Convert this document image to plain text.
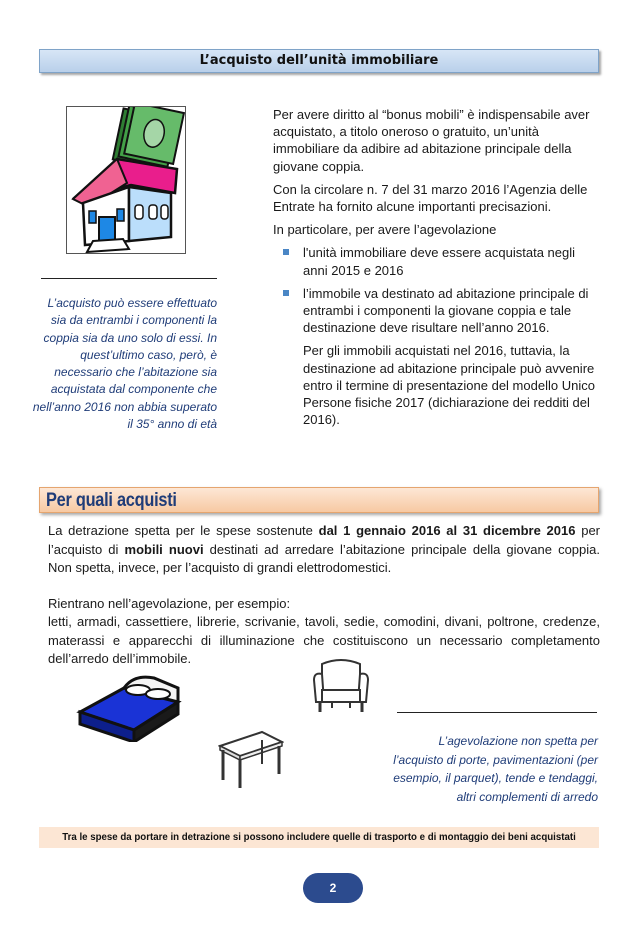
L’acquisto dell’unità immobiliare
L’acquisto può essere effettuato sia da entrambi i componenti la coppia sia da uno solo di essi. In quest’ultimo caso, però, è necessario che l’abitazione sia acquistata dal componente che nell’anno 2016 non abbia superato il 35° anno di età

Per avere diritto al “bonus mobili” è indispensabile aver acquistato, a titolo oneroso o gratuito, un’unità immobiliare da adibire ad abitazione principale della giovane coppia.

Con la circolare n. 7 del 31 marzo 2016 l’Agenzia delle Entrate ha fornito alcune importanti precisazioni.

In particolare, per avere l’agevolazione

l'unità immobiliare deve essere acquistata negli anni 2015 e 2016
l’immobile va destinato ad abitazione principale di entrambi i componenti la giovane coppia e tale destinazione deve risultare nell’anno 2016.

Per gli immobili acquistati nel 2016, tuttavia, la destinazione ad abitazione principale può avvenire entro il termine di presentazione del modello Unico Persone fisiche 2017 (dichiarazione dei redditi del 2016).

Per quali acquisti
La detrazione spetta per le spese sostenute dal 1 gennaio 2016 al 31 dicembre 2016 per l’acquisto di mobili nuovi destinati ad arredare l’abitazione principale della giovane coppia. Non spetta, invece, per l’acquisto di grandi elettrodomestici.
Rientrano nell’agevolazione, per esempio:
letti, armadi, cassettiere, librerie, scrivanie, tavoli, sedie, comodini, divani, poltrone, credenze, materassi e apparecchi di illuminazione che costituiscono un necessario completamento dell’arredo dell’immobile.
L’agevolazione non spetta per l’acquisto di porte, pavimentazioni (per esempio, il parquet), tende e tendaggi, altri complementi di arredo
Tra le spese da portare in detrazione si possono includere quelle di trasporto e di montaggio dei beni acquistati
2
